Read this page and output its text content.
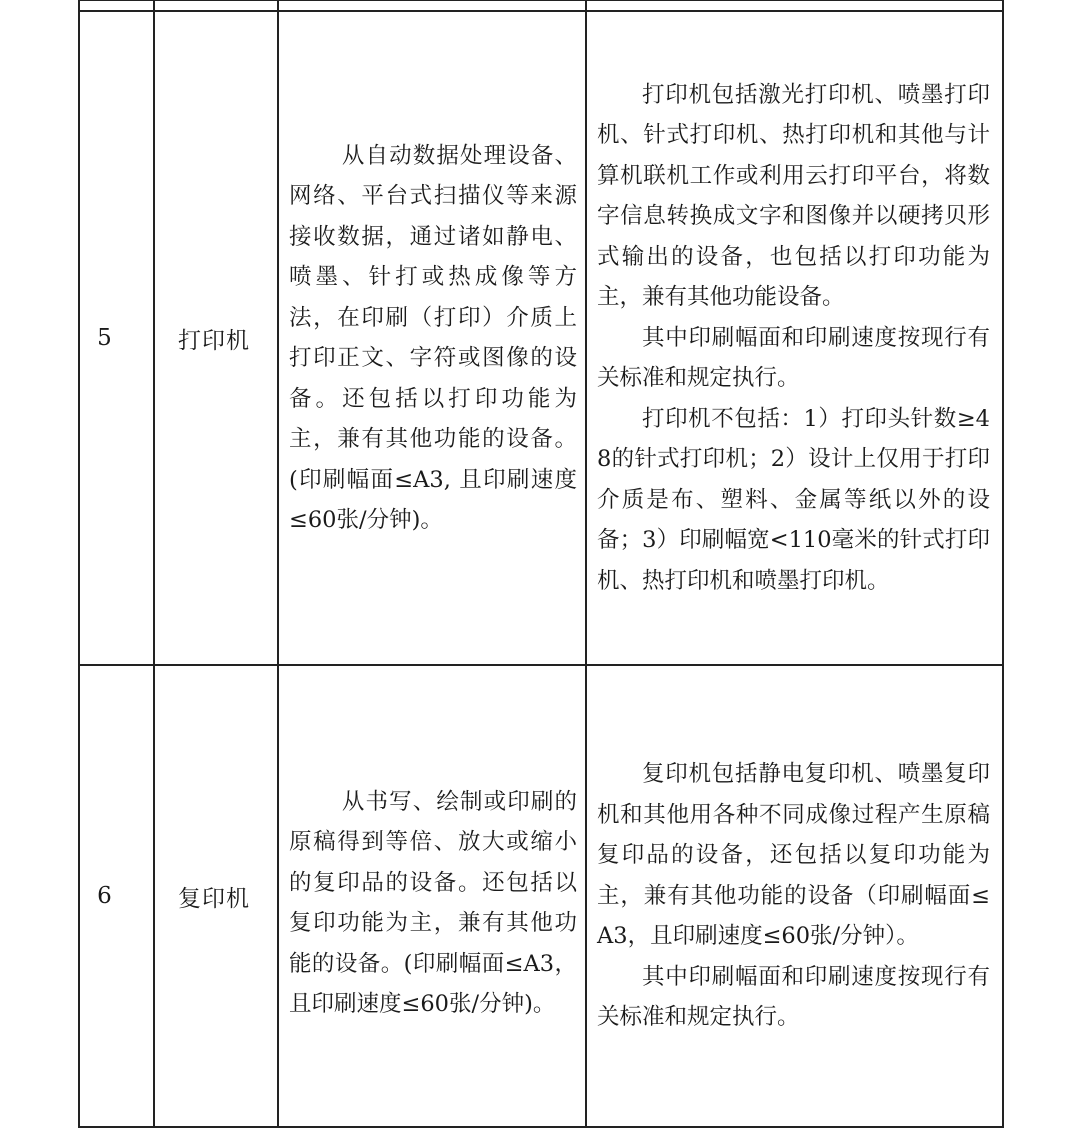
5	打印机	从自动数据处理设备、网络、平台式扫描仪等来源接收数据，通过诸如静电、喷墨、针打或热成像等方法，在印刷（打印）介质上打印正文、字符或图像的设备。还包括以打印功能为主，兼有其他功能的设备。(印刷幅面≤A3, 且印刷速度≤60张/分钟)。	打印机包括激光打印机、喷墨打印机、针式打印机、热打印机和其他与计算机联机工作或利用云打印平台，将数字信息转换成文字和图像并以硬拷贝形式输出的设备，也包括以打印功能为主，兼有其他功能设备。

其中印刷幅面和印刷速度按现行有关标准和规定执行。

打印机不包括：1）打印头针数≥48的针式打印机；2）设计上仅用于打印介质是布、塑料、金属等纸以外的设备；3）印刷幅宽<110毫米的针式打印机、热打印机和喷墨打印机。

6	复印机	从书写、绘制或印刷的原稿得到等倍、放大或缩小的复印品的设备。还包括以复印功能为主，兼有其他功能的设备。(印刷幅面≤A3，且印刷速度≤60张/分钟)。	复印机包括静电复印机、喷墨复印机和其他用各种不同成像过程产生原稿复印品的设备，还包括以复印功能为主，兼有其他功能的设备（印刷幅面≤A3，且印刷速度≤60张/分钟）。

其中印刷幅面和印刷速度按现行有关标准和规定执行。
